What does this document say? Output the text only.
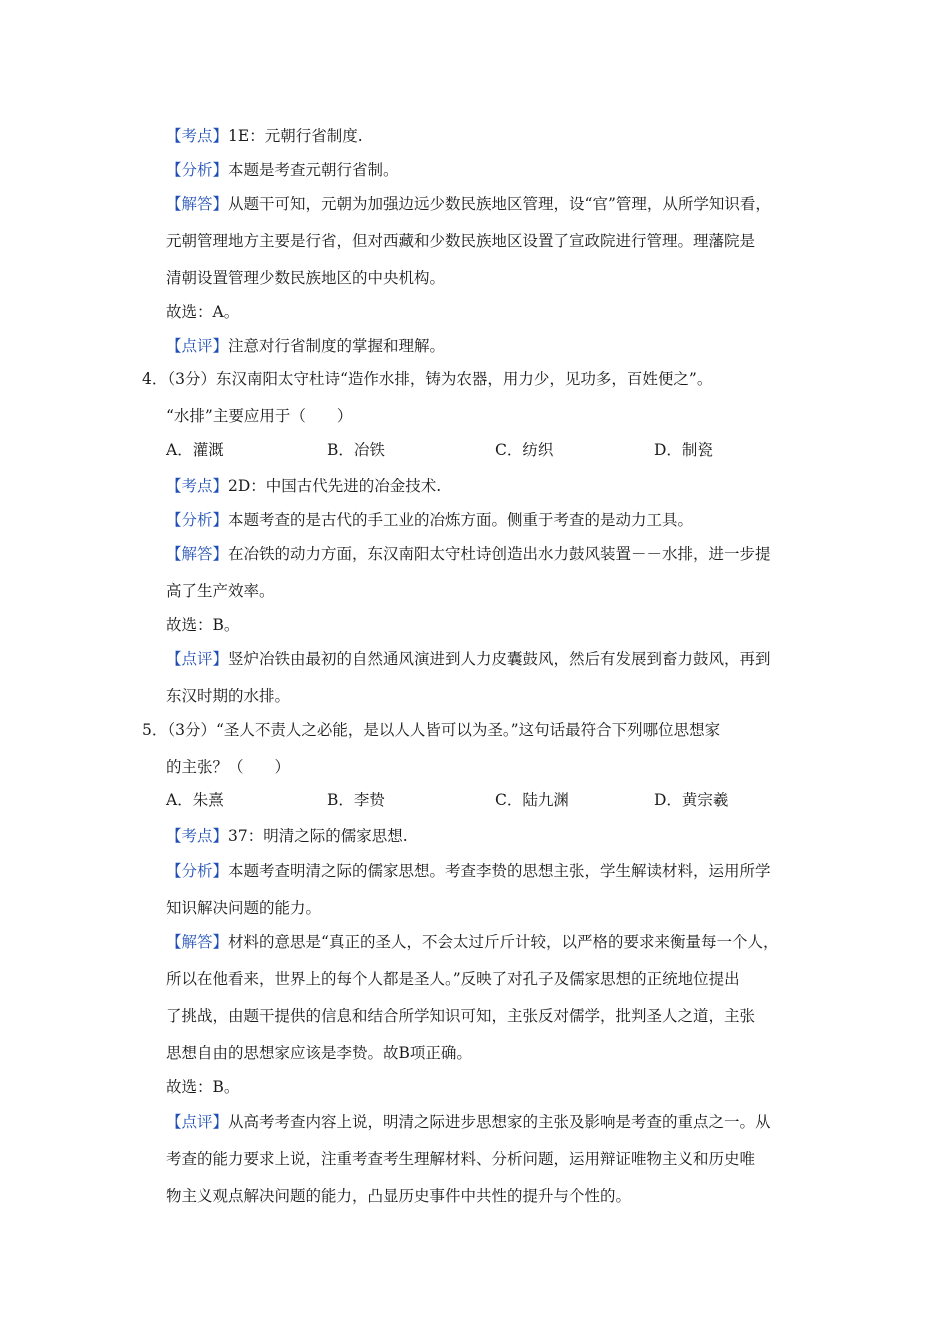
【考点】1E：元朝行省制度.
【分析】本题是考查元朝行省制。
【解答】从题干可知，元朝为加强边远少数民族地区管理，设“官”管理，从所学知识看，
元朝管理地方主要是行省，但对西藏和少数民族地区设置了宣政院进行管理。理藩院是
清朝设置管理少数民族地区的中央机构。
故选：A。
【点评】注意对行省制度的掌握和理解。
4．（3分）东汉南阳太守杜诗“造作水排，铸为农器，用力少，见功多，百姓便之”。
“水排”主要应用于（　　）
A．灌溉	B．冶铁	C．纺织	D．制瓷
【考点】2D：中国古代先进的冶金技术.
【分析】本题考查的是古代的手工业的冶炼方面。侧重于考查的是动力工具。
【解答】在冶铁的动力方面，东汉南阳太守杜诗创造出水力鼓风装置－－水排，进一步提
高了生产效率。
故选：B。
【点评】竖炉冶铁由最初的自然通风演进到人力皮囊鼓风，然后有发展到畜力鼓风，再到
东汉时期的水排。
5．（3分）“圣人不责人之必能，是以人人皆可以为圣。”这句话最符合下列哪位思想家
的主张？（　　）
A．朱熹	B．李贽	C．陆九渊	D．黄宗羲
【考点】37：明清之际的儒家思想.
【分析】本题考查明清之际的儒家思想。考查李贽的思想主张，学生解读材料，运用所学
知识解决问题的能力。
【解答】材料的意思是“真正的圣人，不会太过斤斤计较，以严格的要求来衡量每一个人，
所以在他看来，世界上的每个人都是圣人。”反映了对孔子及儒家思想的正统地位提出
了挑战，由题干提供的信息和结合所学知识可知，主张反对儒学，批判圣人之道，主张
思想自由的思想家应该是李贽。故B项正确。
故选：B。
【点评】从高考考查内容上说，明清之际进步思想家的主张及影响是考查的重点之一。从
考查的能力要求上说，注重考查考生理解材料、分析问题，运用辩证唯物主义和历史唯
物主义观点解决问题的能力，凸显历史事件中共性的提升与个性的。
